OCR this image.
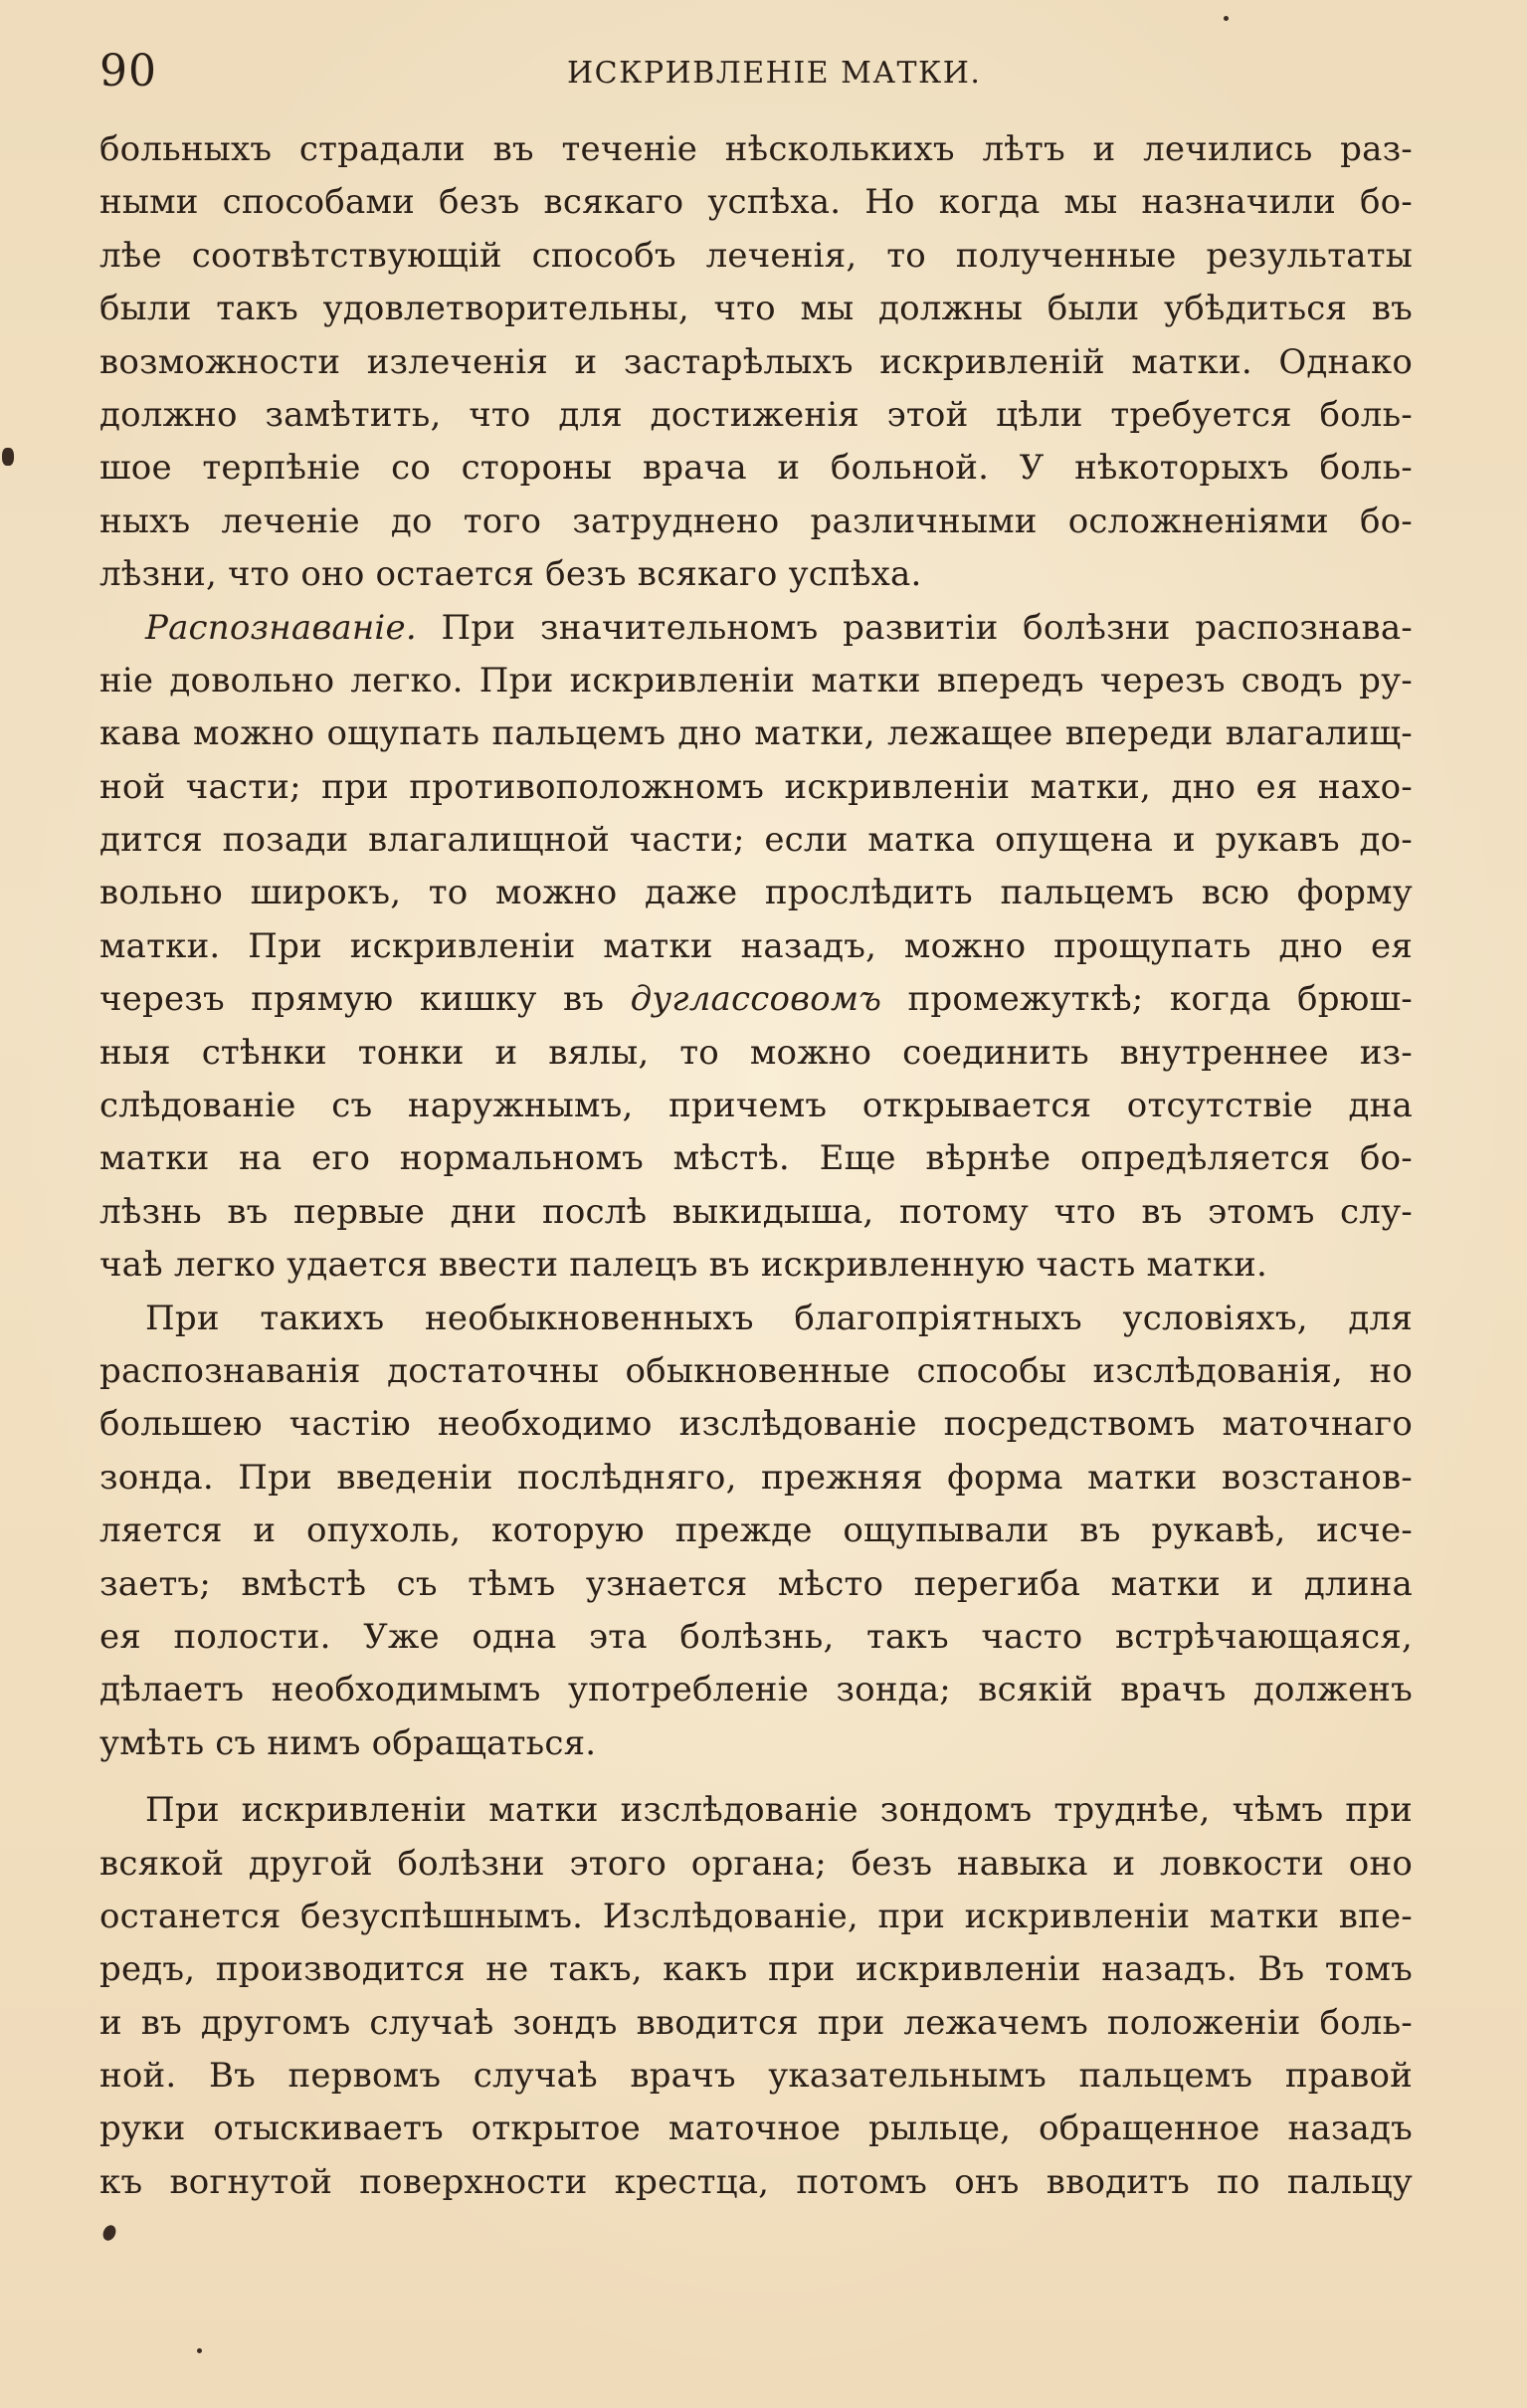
90	ИСКРИВЛЕНІЕ МАТКИ.
больныхъ страдали въ теченіе нѣсколькихъ лѣтъ и лечились раз-
ными способами безъ всякаго успѣха. Но когда мы назначили бо-
лѣе соотвѣтствующій способъ леченія, то полученные результаты
были такъ удовлетворительны, что мы должны были убѣдиться въ
возможности излеченія и застарѣлыхъ искривленій матки. Однако
должно замѣтить, что для достиженія этой цѣли требуется боль-
шое терпѣніе со стороны врача и больной. У нѣкоторыхъ боль-
ныхъ леченіе до того затруднено различными осложненіями бо-
лѣзни, что оно остается безъ всякаго успѣха.
Распознаваніе. При значительномъ развитіи болѣзни распознава-
ніе довольно легко. При искривленіи матки впередъ черезъ сводъ ру-
кава можно ощупать пальцемъ дно матки, лежащее впереди влагалищ-
ной части; при противоположномъ искривленіи матки, дно ея нахо-
дится позади влагалищной части; если матка опущена и рукавъ до-
вольно широкъ, то можно даже прослѣдить пальцемъ всю форму
матки. При искривленіи матки назадъ, можно прощупать дно ея
черезъ прямую кишку въ дуглассовомъ промежуткѣ; когда брюш-
ныя стѣнки тонки и вялы, то можно соединить внутреннее из-
слѣдованіе съ наружнымъ, причемъ открывается отсутствіе дна
матки на его нормальномъ мѣстѣ. Еще вѣрнѣе опредѣляется бо-
лѣзнь въ первые дни послѣ выкидыша, потому что въ этомъ слу-
чаѣ легко удается ввести палецъ въ искривленную часть матки.
При такихъ необыкновенныхъ благопріятныхъ условіяхъ, для
распознаванія достаточны обыкновенные способы изслѣдованія, но
большею частію необходимо изслѣдованіе посредствомъ маточнаго
зонда. При введеніи послѣдняго, прежняя форма матки возстанов-
ляется и опухоль, которую прежде ощупывали въ рукавѣ, исче-
заетъ; вмѣстѣ съ тѣмъ узнается мѣсто перегиба матки и длина
ея полости. Уже одна эта болѣзнь, такъ часто встрѣчающаяся,
дѣлаетъ необходимымъ употребленіе зонда; всякій врачъ долженъ
умѣть съ нимъ обращаться.
При искривленіи матки изслѣдованіе зондомъ труднѣе, чѣмъ при
всякой другой болѣзни этого органа; безъ навыка и ловкости оно
останется безуспѣшнымъ. Изслѣдованіе, при искривленіи матки впе-
редъ, производится не такъ, какъ при искривленіи назадъ. Въ томъ
и въ другомъ случаѣ зондъ вводится при лежачемъ положеніи боль-
ной. Въ первомъ случаѣ врачъ указательнымъ пальцемъ правой
руки отыскиваетъ открытое маточное рыльце, обращенное назадъ
къ вогнутой поверхности крестца, потомъ онъ вводитъ по пальцу
